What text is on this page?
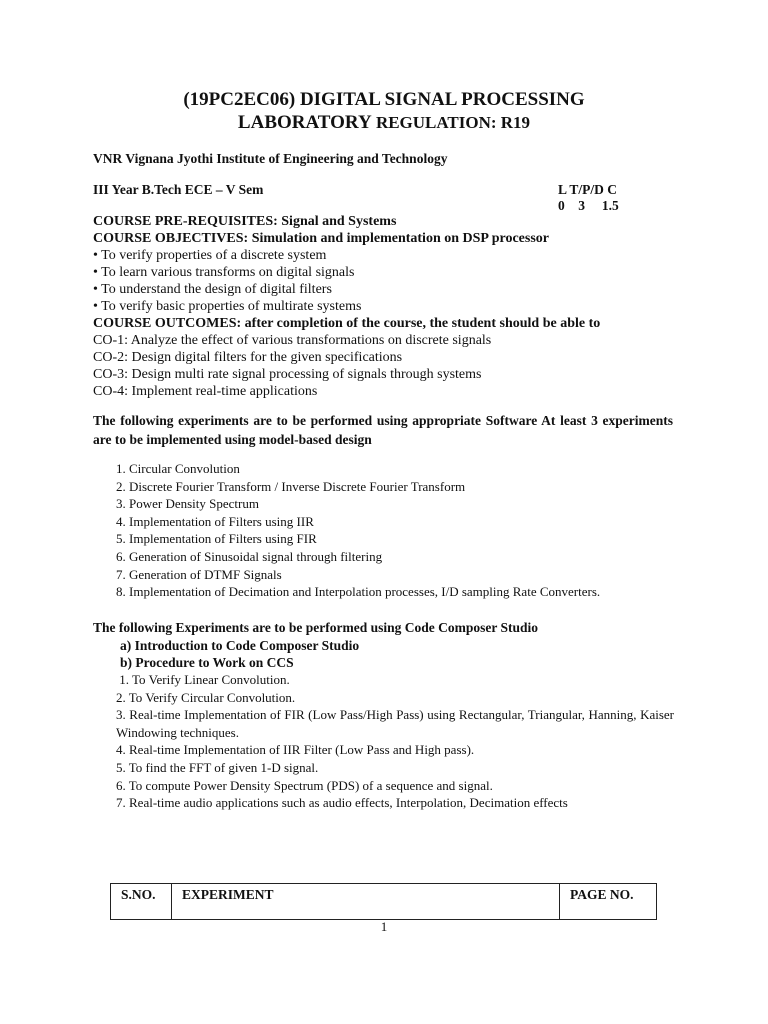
(19PC2EC06) DIGITAL SIGNAL PROCESSING
LABORATORY REGULATION: R19
VNR Vignana Jyothi Institute of Engineering and Technology
III Year B.Tech ECE – V Sem	L T/P/D C
0    3     1.5
COURSE PRE-REQUISITES: Signal and Systems
COURSE OBJECTIVES: Simulation and implementation on DSP processor
• To verify properties of a discrete system
• To learn various transforms on digital signals
• To understand the design of digital filters
• To verify basic properties of multirate systems
COURSE OUTCOMES: after completion of the course, the student should be able to
CO-1: Analyze the effect of various transformations on discrete signals
CO-2: Design digital filters for the given specifications
CO-3: Design multi rate signal processing of signals through systems
CO-4: Implement real-time applications
The following experiments are to be performed using appropriate Software At least 3 experiments are to be implemented using model-based design
1. Circular Convolution
2. Discrete Fourier Transform / Inverse Discrete Fourier Transform
3. Power Density Spectrum
4. Implementation of Filters using IIR
5. Implementation of Filters using FIR
6. Generation of Sinusoidal signal through filtering
7. Generation of DTMF Signals
8. Implementation of Decimation and Interpolation processes, I/D sampling Rate Converters.
The following Experiments are to be performed using Code Composer Studio
a) Introduction to Code Composer Studio
b) Procedure to Work on CCS
1. To Verify Linear Convolution.
2. To Verify Circular Convolution.
3. Real-time Implementation of FIR (Low Pass/High Pass) using Rectangular, Triangular, Hanning, Kaiser Windowing techniques.
4. Real-time Implementation of IIR Filter (Low Pass and High pass).
5. To find the FFT of given 1-D signal.
6. To compute Power Density Spectrum (PDS) of a sequence and signal.
7. Real-time audio applications such as audio effects, Interpolation, Decimation effects
S.NO.	EXPERIMENT	PAGE NO.
1
